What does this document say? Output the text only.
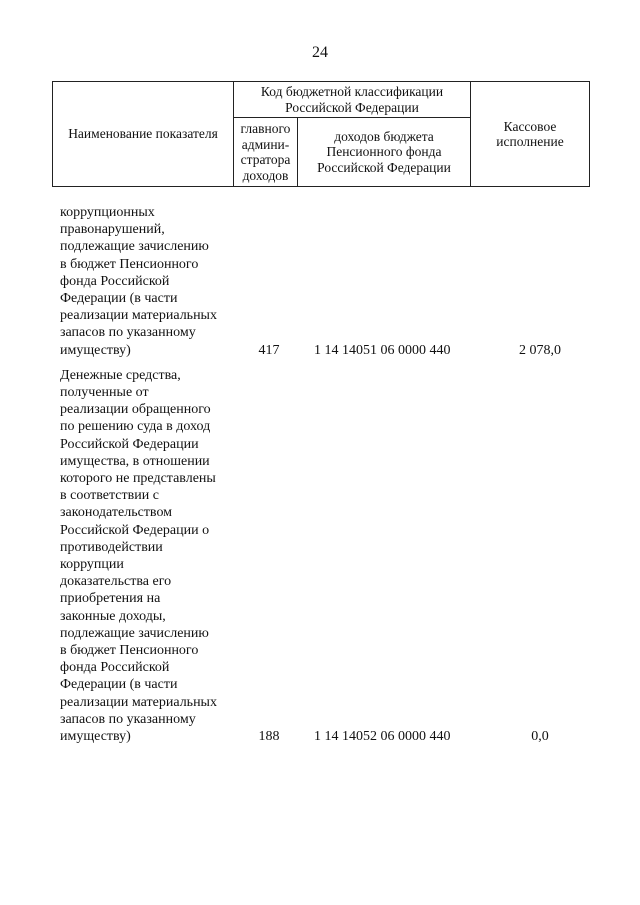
24
Наименование показателя	Код бюджетной классификации Российской Федерации		Кассовое исполнение
	главного админи-стратора доходов	доходов бюджета Пенсионного фонда Российской Федерации	
коррупционных
правонарушений,
подлежащие зачислению
в бюджет Пенсионного
фонда Российской
Федерации (в части
реализации материальных
запасов по указанному
имуществу)	417 1 14 14051 06 0000 440	2 078,0
Денежные средства,
полученные от
реализации обращенного
по решению суда в доход
Российской Федерации
имущества, в отношении
которого не представлены
в соответствии с
законодательством
Российской Федерации о
противодействии
коррупции
доказательства его
приобретения на
законные доходы,
подлежащие зачислению
в бюджет Пенсионного
фонда Российской
Федерации (в части
реализации материальных
запасов по указанному
имуществу)	188 1 14 14052 06 0000 440	0,0
